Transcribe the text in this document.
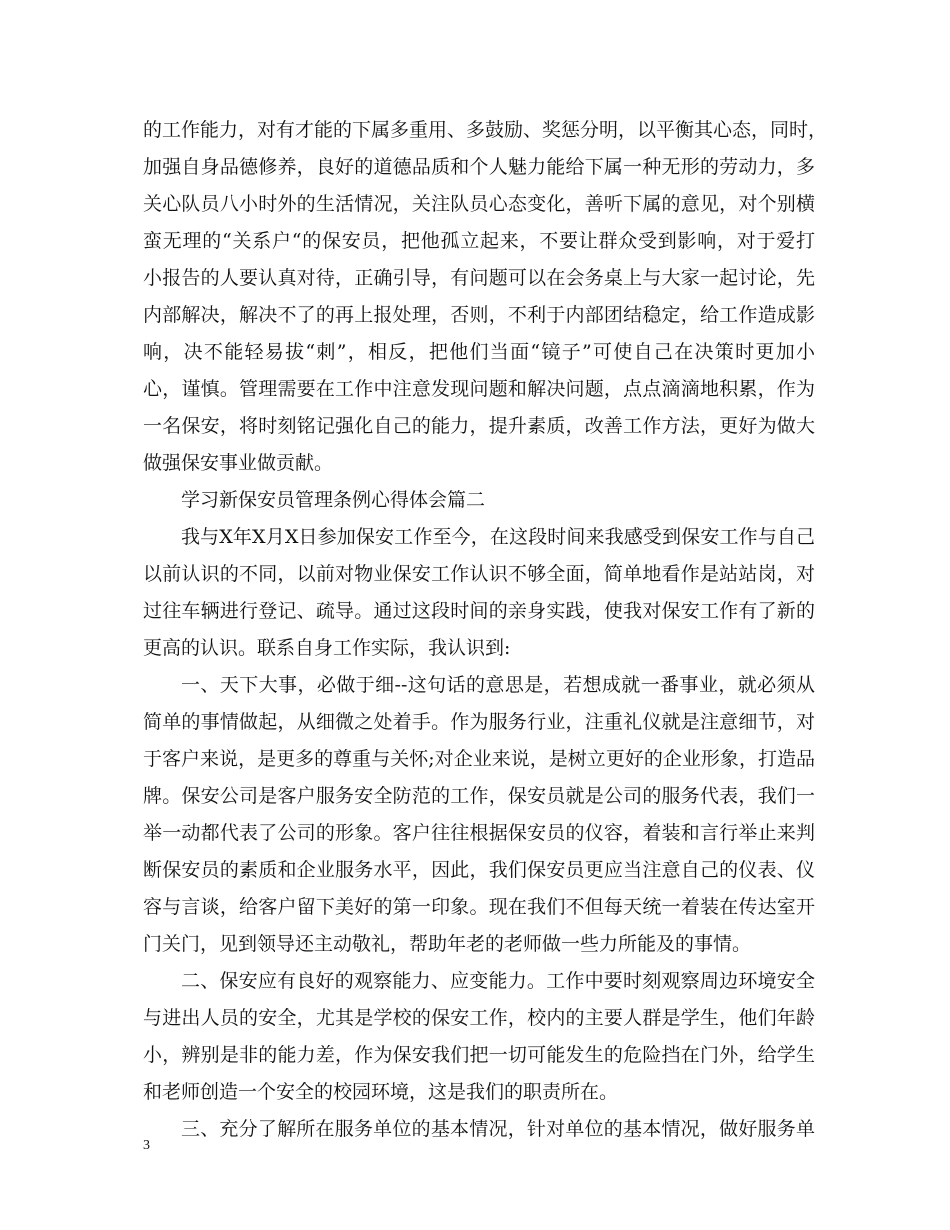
的工作能力，对有才能的下属多重用、多鼓励、奖惩分明，以平衡其心态，同时，
加强自身品德修养，良好的道德品质和个人魅力能给下属一种无形的劳动力，多
关心队员八小时外的生活情况，关注队员心态变化，善听下属的意见，对个别横
蛮无理的“关系户“的保安员，把他孤立起来，不要让群众受到影响，对于爱打
小报告的人要认真对待，正确引导，有问题可以在会务桌上与大家一起讨论，先
内部解决，解决不了的再上报处理，否则，不利于内部团结稳定，给工作造成影
响，决不能轻易拔“刺”，相反，把他们当面“镜子”可使自己在决策时更加小
心，谨慎。管理需要在工作中注意发现问题和解决问题，点点滴滴地积累，作为
一名保安，将时刻铭记强化自己的能力，提升素质，改善工作方法，更好为做大
做强保安事业做贡献。
学习新保安员管理条例心得体会篇二
我与X年X月X日参加保安工作至今，在这段时间来我感受到保安工作与自己
以前认识的不同，以前对物业保安工作认识不够全面，简单地看作是站站岗，对
过往车辆进行登记、疏导。通过这段时间的亲身实践，使我对保安工作有了新的
更高的认识。联系自身工作实际，我认识到:
一、天下大事，必做于细--这句话的意思是，若想成就一番事业，就必须从
简单的事情做起，从细微之处着手。作为服务行业，注重礼仪就是注意细节，对
于客户来说，是更多的尊重与关怀;对企业来说，是树立更好的企业形象，打造品
牌。保安公司是客户服务安全防范的工作，保安员就是公司的服务代表，我们一
举一动都代表了公司的形象。客户往往根据保安员的仪容，着装和言行举止来判
断保安员的素质和企业服务水平，因此，我们保安员更应当注意自己的仪表、仪
容与言谈，给客户留下美好的第一印象。现在我们不但每天统一着装在传达室开
门关门，见到领导还主动敬礼，帮助年老的老师做一些力所能及的事情。
二、保安应有良好的观察能力、应变能力。工作中要时刻观察周边环境安全
与进出人员的安全，尤其是学校的保安工作，校内的主要人群是学生，他们年龄
小，辨别是非的能力差，作为保安我们把一切可能发生的危险挡在门外，给学生
和老师创造一个安全的校园环境，这是我们的职责所在。
三、充分了解所在服务单位的基本情况，针对单位的基本情况，做好服务单
3
